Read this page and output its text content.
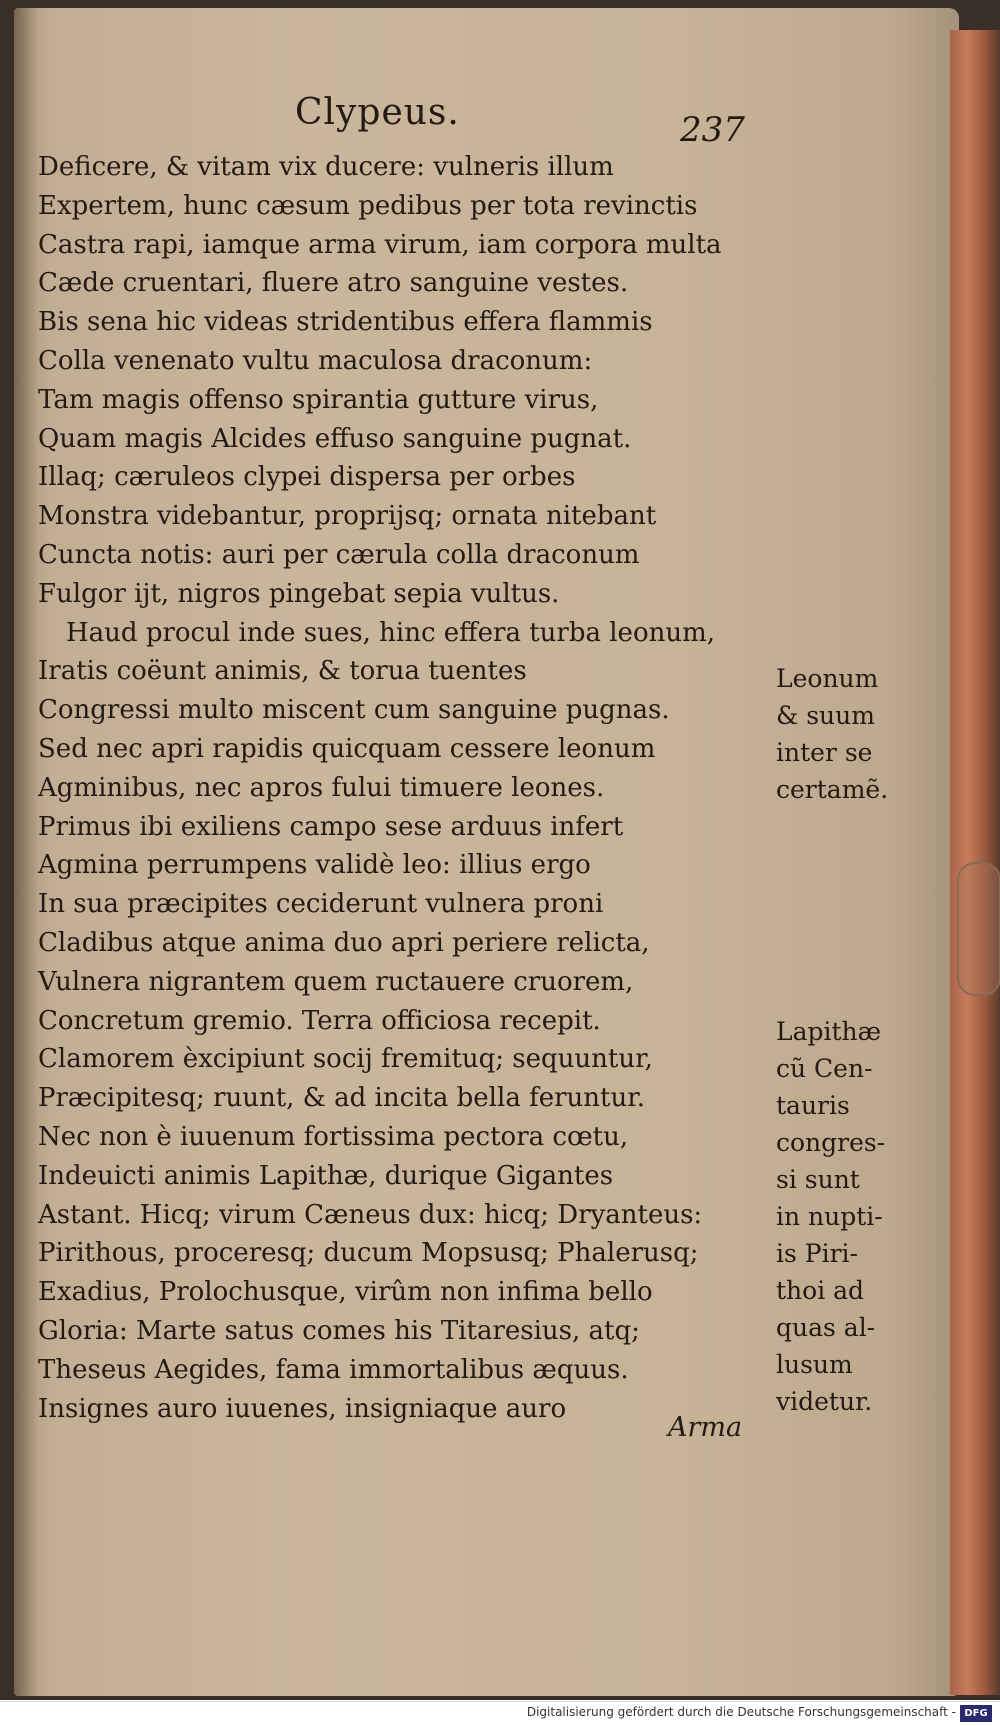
Clypeus.	237
Deficere, & vitam vix ducere: vulneris illum
Expertem, hunc cæsum pedibus per tota revinctis
Castra rapi, iamque arma virum, iam corpora multa
Cæde cruentari, fluere atro sanguine vestes.
Bis sena hic videas stridentibus effera flammis
Colla venenato vultu maculosa draconum:
Tam magis offenso spirantia gutture virus,
Quam magis Alcides effuso sanguine pugnat.
Illaq; cæruleos clypei dispersa per orbes
Monstra videbantur, proprijsq; ornata nitebant
Cuncta notis: auri per cærula colla draconum
Fulgor ijt, nigros pingebat sepia vultus.
Haud procul inde sues, hinc effera turba leonum,
Iratis coëunt animis, & torua tuentes
Congressi multo miscent cum sanguine pugnas.
Sed nec apri rapidis quicquam cessere leonum
Agminibus, nec apros fului timuere leones.
Primus ibi exiliens campo sese arduus infert
Agmina perrumpens validè leo: illius ergo
In sua præcipites ceciderunt vulnera proni
Cladibus atque anima duo apri periere relicta,
Vulnera nigrantem quem ructauere cruorem,
Concretum gremio. Terra officiosa recepit.
Clamorem èxcipiunt socij fremituq; sequuntur,
Præcipitesq; ruunt, & ad incita bella feruntur.
Nec non è iuuenum fortissima pectora cœtu,
Indeuicti animis Lapithæ, durique Gigantes
Astant. Hicq; virum Cæneus dux: hicq; Dryanteus:
Pirithous, proceresq; ducum Mopsusq; Phalerusq;
Exadius, Prolochusque, virûm non infima bello
Gloria: Marte satus comes his Titaresius, atq;
Theseus Aegides, fama immortalibus æquus.
Insignes auro iuuenes, insigniaque auro
Leonum
& suum
inter se
certamẽ.
Lapithæ
cũ Cen-
tauris
congres-
si sunt
in nupti-
is Piri-
thoi ad
quas al-
lusum
videtur.
Arma
Digitalisierung gefördert durch die Deutsche Forschungsgemeinschaft - DFG
